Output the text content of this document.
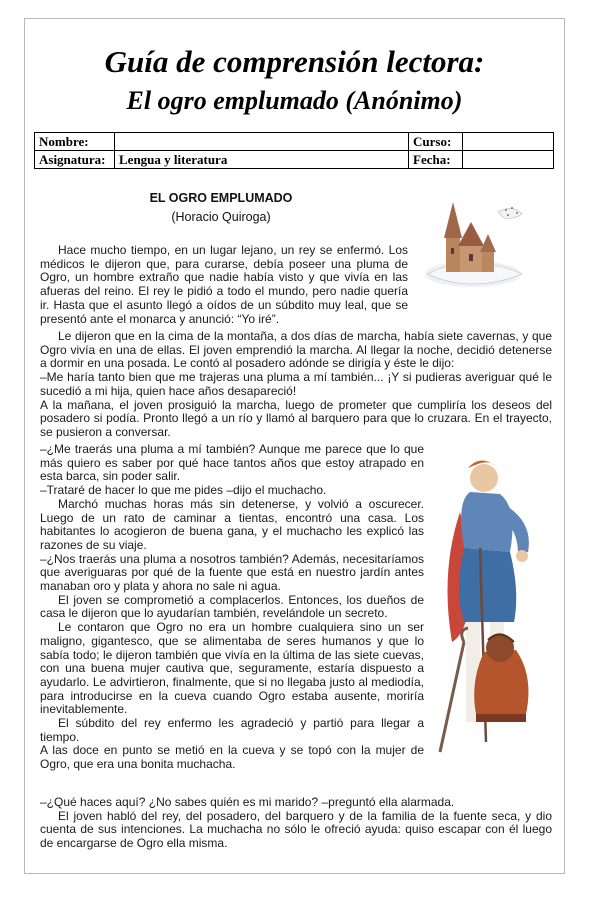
Guía de comprensión lectora:
El ogro emplumado (Anónimo)
Nombre:		Curso:	
Asignatura:	Lengua y literatura	Fecha:	
EL OGRO EMPLUMADO
(Horacio Quiroga)

Hace mucho tiempo, en un lugar lejano, un rey se enfermó. Los médicos le dijeron que, para curarse, debía poseer una pluma de Ogro, un hombre extraño que nadie había visto y que vivía en las afueras del reino. El rey le pidió a todo el mundo, pero nadie quería ir. Hasta que el asunto llegó a oídos de un súbdito muy leal, que se presentó ante el monarca y anunció: “Yo iré”.

Le dijeron que en la cima de la montaña, a dos días de marcha, había siete cavernas, y que Ogro vivía en una de ellas. El joven emprendió la marcha. Al llegar la noche, decidió detenerse a dormir en una posada. Le contó al posadero adónde se dirigía y éste le dijo:

–Me haría tanto bien que me trajeras una pluma a mí también... ¡Y si pudieras averiguar qué le sucedió a mi hija, quien hace años desapareció!

A la mañana, el joven prosiguió la marcha, luego de prometer que cumpliría los deseos del posadero si podía. Pronto llegó a un río y llamó al barquero para que lo cruzara. En el trayecto, se pusieron a conversar.

–¿Me traerás una pluma a mí también? Aunque me parece que lo que más quiero es saber por qué hace tantos años que estoy atrapado en esta barca, sin poder salir.

–Trataré de hacer lo que me pides –dijo el muchacho.

Marchó muchas horas más sin detenerse, y volvió a oscurecer. Luego de un rato de caminar a tientas, encontró una casa. Los habitantes lo acogieron de buena gana, y el muchacho les explicó las razones de su viaje.

–¿Nos traerás una pluma a nosotros también? Además, necesitaríamos que averiguaras por qué de la fuente que está en nuestro jardín antes manaban oro y plata y ahora no sale ni agua.

El joven se comprometió a complacerlos. Entonces, los dueños de casa le dijeron que lo ayudarían también, revelándole un secreto.

Le contaron que Ogro no era un hombre cualquiera sino un ser maligno, gigantesco, que se alimentaba de seres humanos y que lo sabía todo; le dijeron también que vivía en la última de las siete cuevas, con una buena mujer cautiva que, seguramente, estaría dispuesto a ayudarlo. Le advirtieron, finalmente, que si no llegaba justo al mediodía, para introducirse en la cueva cuando Ogro estaba ausente, moriría inevitablemente.

El súbdito del rey enfermo les agradeció y partió para llegar a tiempo.

A las doce en punto se metió en la cueva y se topó con la mujer de Ogro, que era una bonita muchacha.

–¿Qué haces aquí? ¿No sabes quién es mi marido? –preguntó ella alarmada.

El joven habló del rey, del posadero, del barquero y de la familia de la fuente seca, y dio cuenta de sus intenciones. La muchacha no sólo le ofreció ayuda: quiso escapar con él luego de encargarse de Ogro ella misma.
